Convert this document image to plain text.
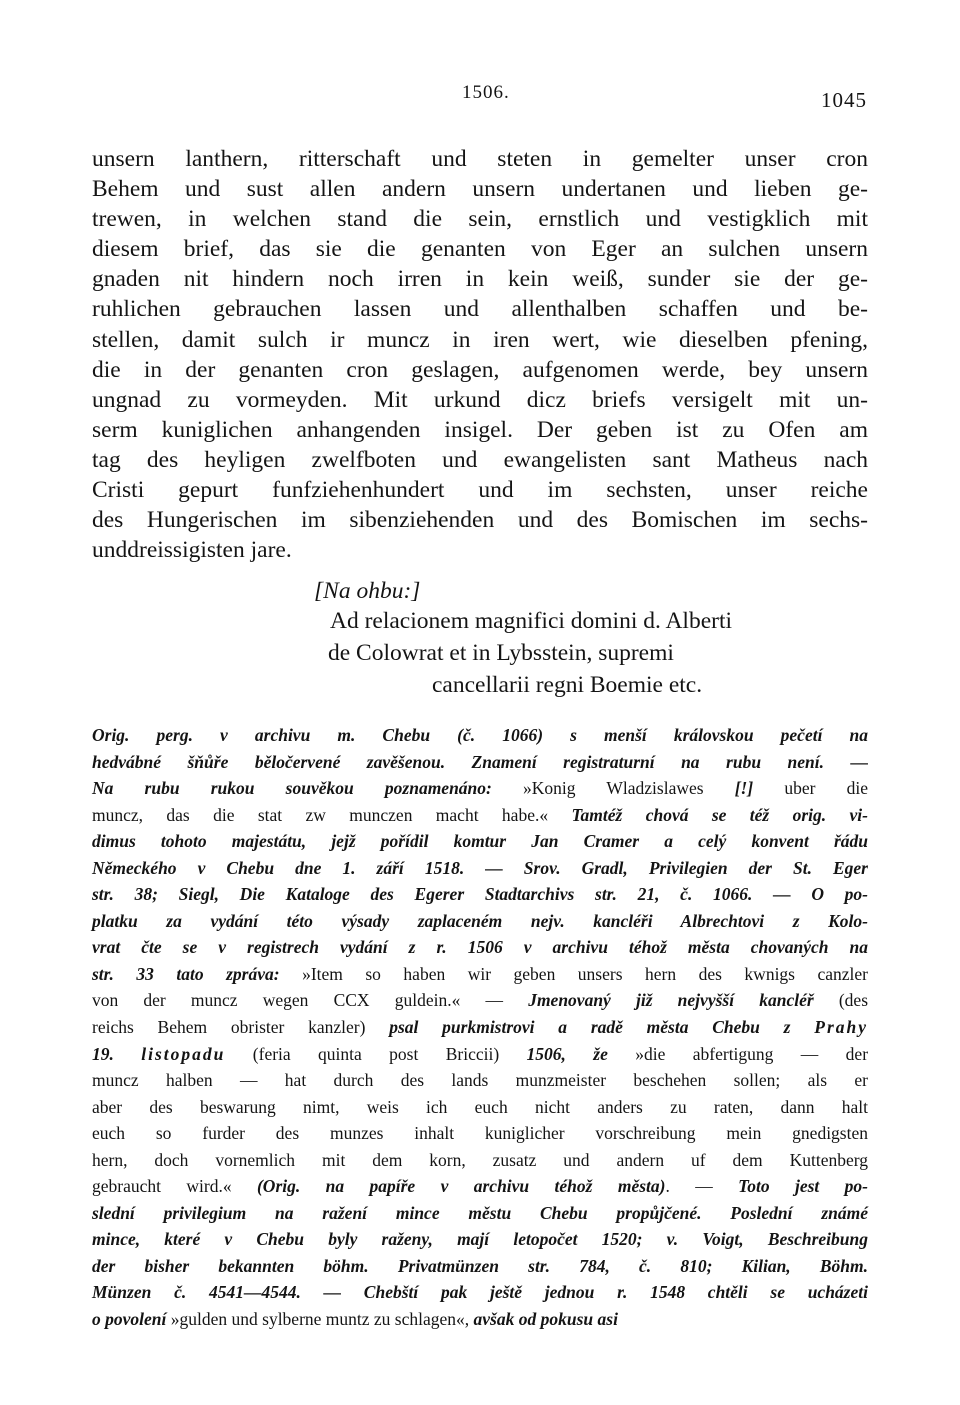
1506.	1045
unsern lanthern, ritterschaft und steten in gemelter unser cron
Behem und sust allen andern unsern undertanen und lieben ge-
trewen, in welchen stand die sein, ernstlich und vestigklich mit
diesem brief, das sie die genanten von Eger an sulchen unsern
gnaden nit hindern noch irren in kein weiß, sunder sie der ge-
ruhlichen gebrauchen lassen und allenthalben schaffen und be-
stellen, damit sulch ir muncz in iren wert, wie dieselben pfening,
die in der genanten cron geslagen, aufgenomen werde, bey unsern
ungnad zu vormeyden. Mit urkund dicz briefs versigelt mit un-
serm kuniglichen anhangenden insigel. Der geben ist zu Ofen am
tag des heyligen zwelfboten und ewangelisten sant Matheus nach
Cristi gepurt funfziehenhundert und im sechsten, unser reiche
des Hungerischen im sibenziehenden und des Bomischen im sechs-
unddreissigisten jare.
[Na ohbu:]
Ad relacionem magnifici domini d. Alberti
de Colowrat et in Lybsstein, supremi
cancellarii regni Boemie etc.
Orig. perg. v archivu m. Chebu (č. 1066) s menší královskou pečetí na
hedvábné šňůře běločervené zavěšenou. Znamení registraturní na rubu není. —
Na rubu rukou souvěkou poznamenáno: »Konig Wladzislawes [!] uber die
muncz, das die stat zw munczen macht habe.« Tamtéž chová se též orig. vi-
dimus tohoto majestátu, jejž pořídil komtur Jan Cramer a celý konvent řádu
Německého v Chebu dne 1. září 1518. — Srov. Gradl, Privilegien der St. Eger
str. 38; Siegl, Die Kataloge des Egerer Stadtarchivs str. 21, č. 1066. — O po-
platku za vydání této výsady zaplaceném nejv. kancléři Albrechtovi z Kolo-
vrat čte se v registrech vydání z r. 1506 v archivu téhož města chovaných na
str. 33 tato zpráva: »Item so haben wir geben unsers hern des kwnigs canzler
von der muncz wegen CCX guldein.« — Jmenovaný již nejvyšší kancléř (des
reichs Behem obrister kanzler) psal purkmistrovi a radě města Chebu z Prahy
19. listopadu (feria quinta post Briccii) 1506, že »die abfertigung — der
muncz halben — hat durch des lands munzmeister beschehen sollen; als er
aber des beswarung nimt, weis ich euch nicht anders zu raten, dann halt
euch so furder des munzes inhalt kuniglicher vorschreibung mein gnedigsten
hern, doch vornemlich mit dem korn, zusatz und andern uf dem Kuttenberg
gebraucht wird.« (Orig. na papíře v archivu téhož města). — Toto jest po-
slední privilegium na ražení mince městu Chebu propůjčené. Poslední známé
mince, které v Chebu byly raženy, mají letopočet 1520; v. Voigt, Beschreibung
der bisher bekannten böhm. Privatmünzen str. 784, č. 810; Kilian, Böhm.
Münzen č. 4541—4544. — Chebští pak ještě jednou r. 1548 chtěli se ucházeti
o povolení »gulden und sylberne muntz zu schlagen«, avšak od pokusu asi
